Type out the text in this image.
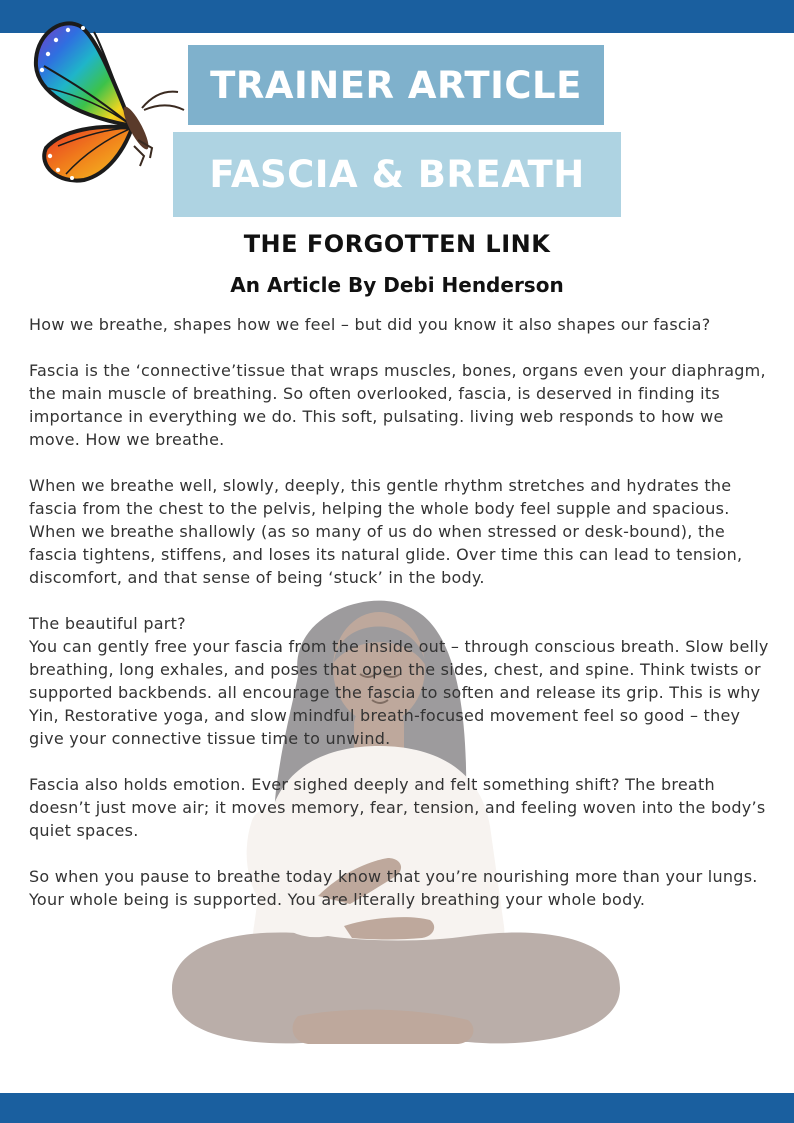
TRAINER ARTICLE
FASCIA & BREATH
THE FORGOTTEN LINK
An Article By Debi Henderson

How we breathe, shapes how we feel – but did you know it also shapes our fascia?

Fascia is the ‘connective’tissue that wraps muscles, bones, organs even your diaphragm, the main muscle of breathing. So often overlooked, fascia, is deserved in finding its importance in everything we do. This soft, pulsating. living web responds to how we move. How we breathe.

When we breathe well, slowly, deeply, this gentle rhythm stretches and hydrates the fascia from the chest to the pelvis, helping the whole body feel supple and spacious. When we breathe shallowly (as so many of us do when stressed or desk-bound), the fascia tightens, stiffens, and loses its natural glide. Over time this can lead to tension, discomfort, and that sense of being ‘stuck’ in the body.

The beautiful part?

You can gently free your fascia from the inside out – through conscious breath. Slow belly breathing, long exhales, and poses that open the sides, chest, and spine. Think twists or supported backbends. all encourage the fascia to soften and release its grip. This is why Yin, Restorative yoga, and slow mindful breath-focused movement feel so good – they give your connective tissue time to unwind.

Fascia also holds emotion. Ever sighed deeply and felt something shift? The breath doesn’t just move air; it moves memory, fear, tension, and feeling woven into the body’s quiet spaces.

So when you pause to breathe today know that you’re nourishing more than your lungs. Your whole being is supported. You are literally breathing your whole body.
